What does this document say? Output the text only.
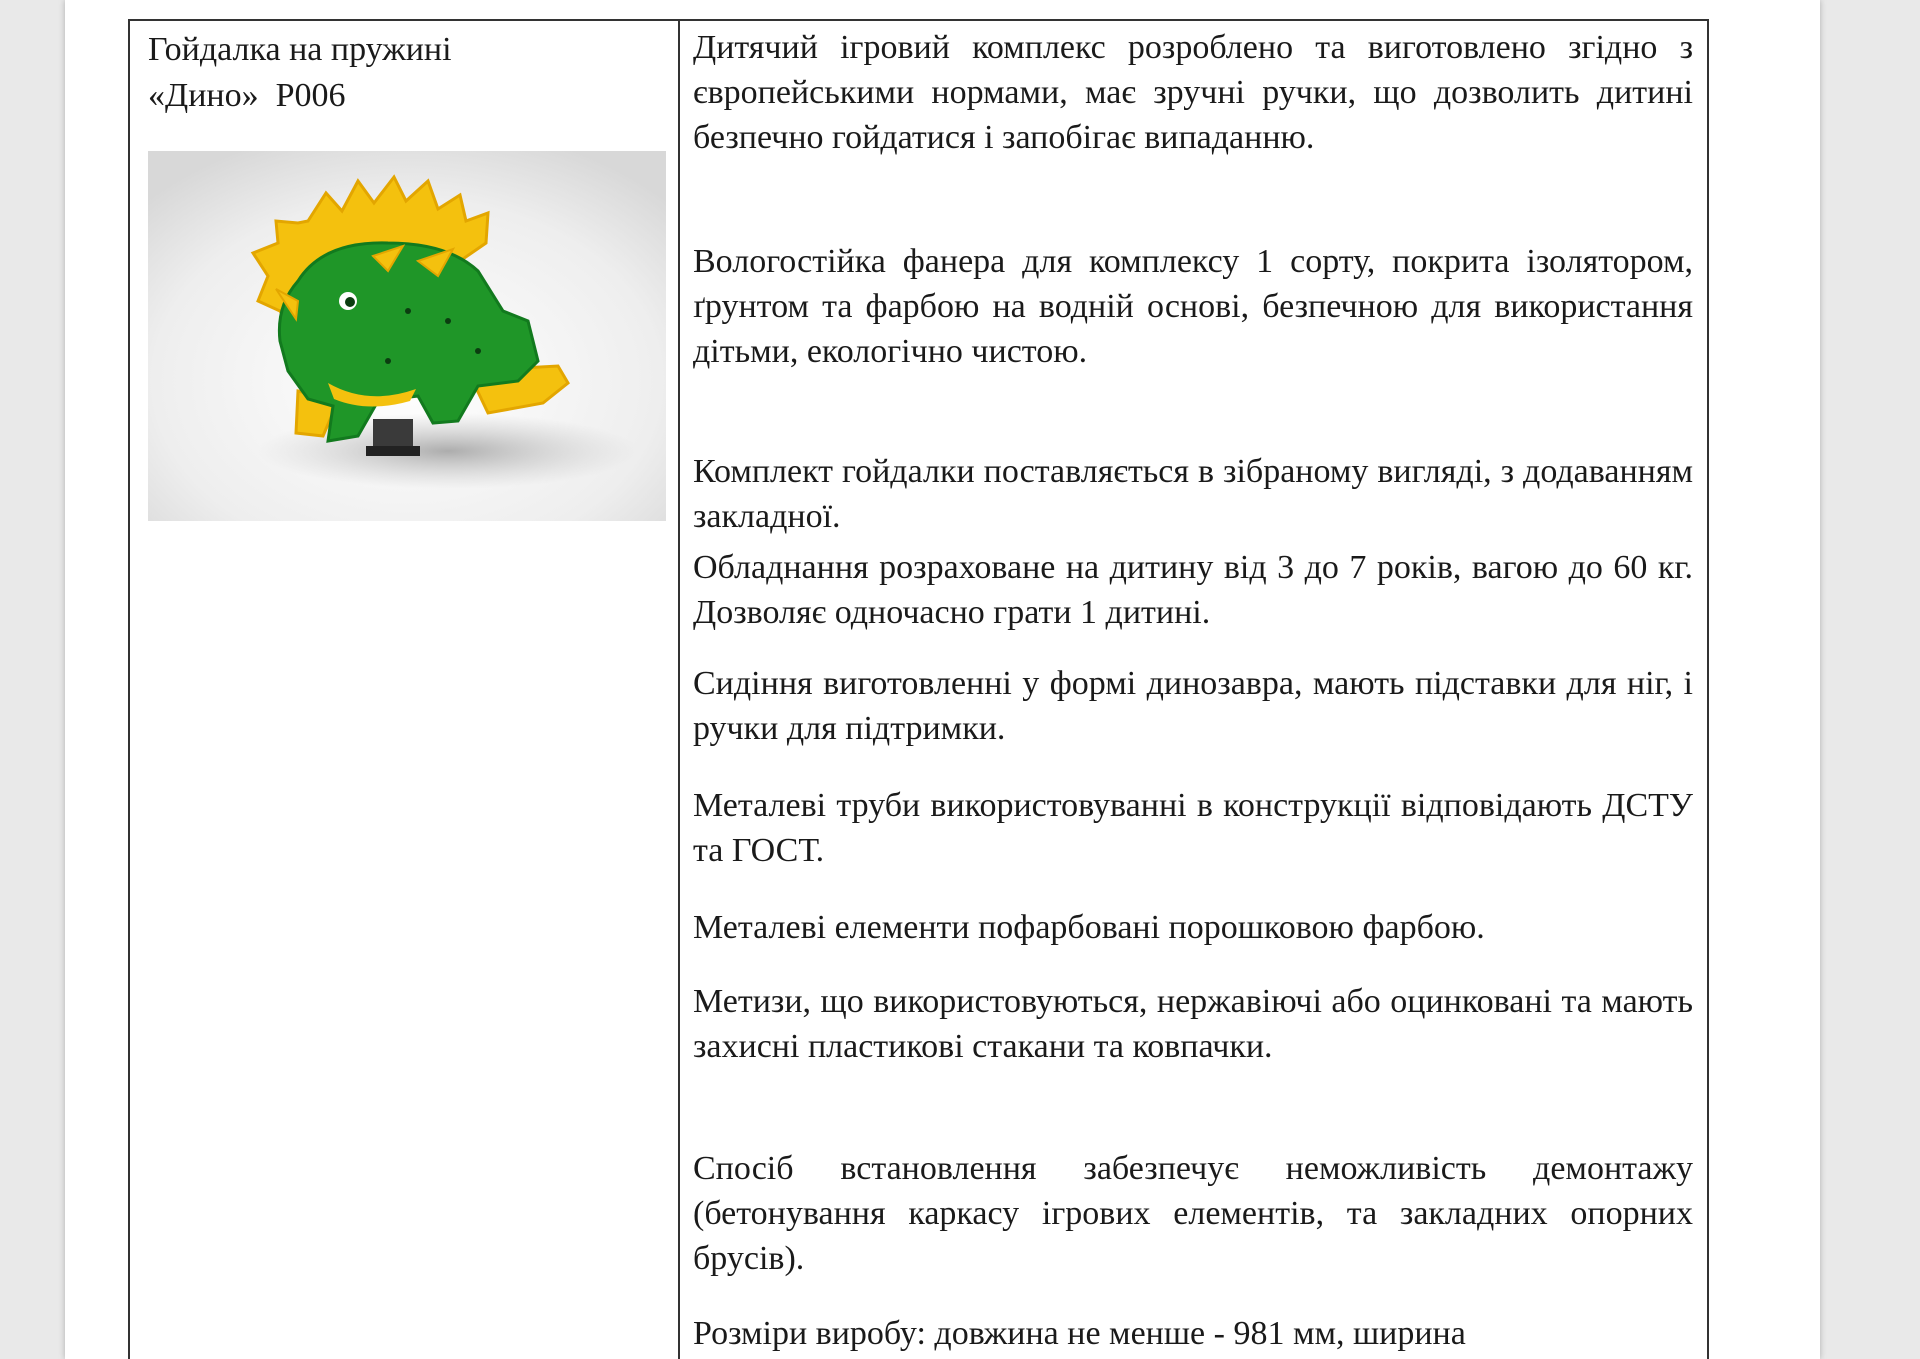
Гойдалка на пружині
«Дино»  Р006

Дитячий ігровий комплекс розроблено та виготовлено згідно з європейськими нормами, має зручні ручки, що дозволить дитині безпечно гойдатися і запобігає випаданню.

Вологостійка фанера для комплексу 1 сорту, покрита ізолятором, ґрунтом та фарбою на водній основі, безпечною для використання дітьми, екологічно чистою.

Комплект гойдалки поставляється в зібраному вигляді, з додаванням закладної.

Обладнання розраховане на дитину від 3 до 7 років, вагою до 60 кг. Дозволяє одночасно грати 1 дитині.

Сидіння виготовленні у формі динозавра, мають підставки для ніг, і ручки для підтримки.

Металеві труби використовуванні в конструкції відповідають ДСТУ та ГОСТ.

Металеві елементи пофарбовані порошковою фарбою.

Метизи, що використовуються, нержавіючі або оцинковані та мають захисні пластикові стакани та ковпачки.

Спосіб встановлення забезпечує неможливість демонтажу (бетонування каркасу ігрових елементів, та закладних опорних брусів).

Розміри виробу: довжина не менше - 981 мм, ширина
